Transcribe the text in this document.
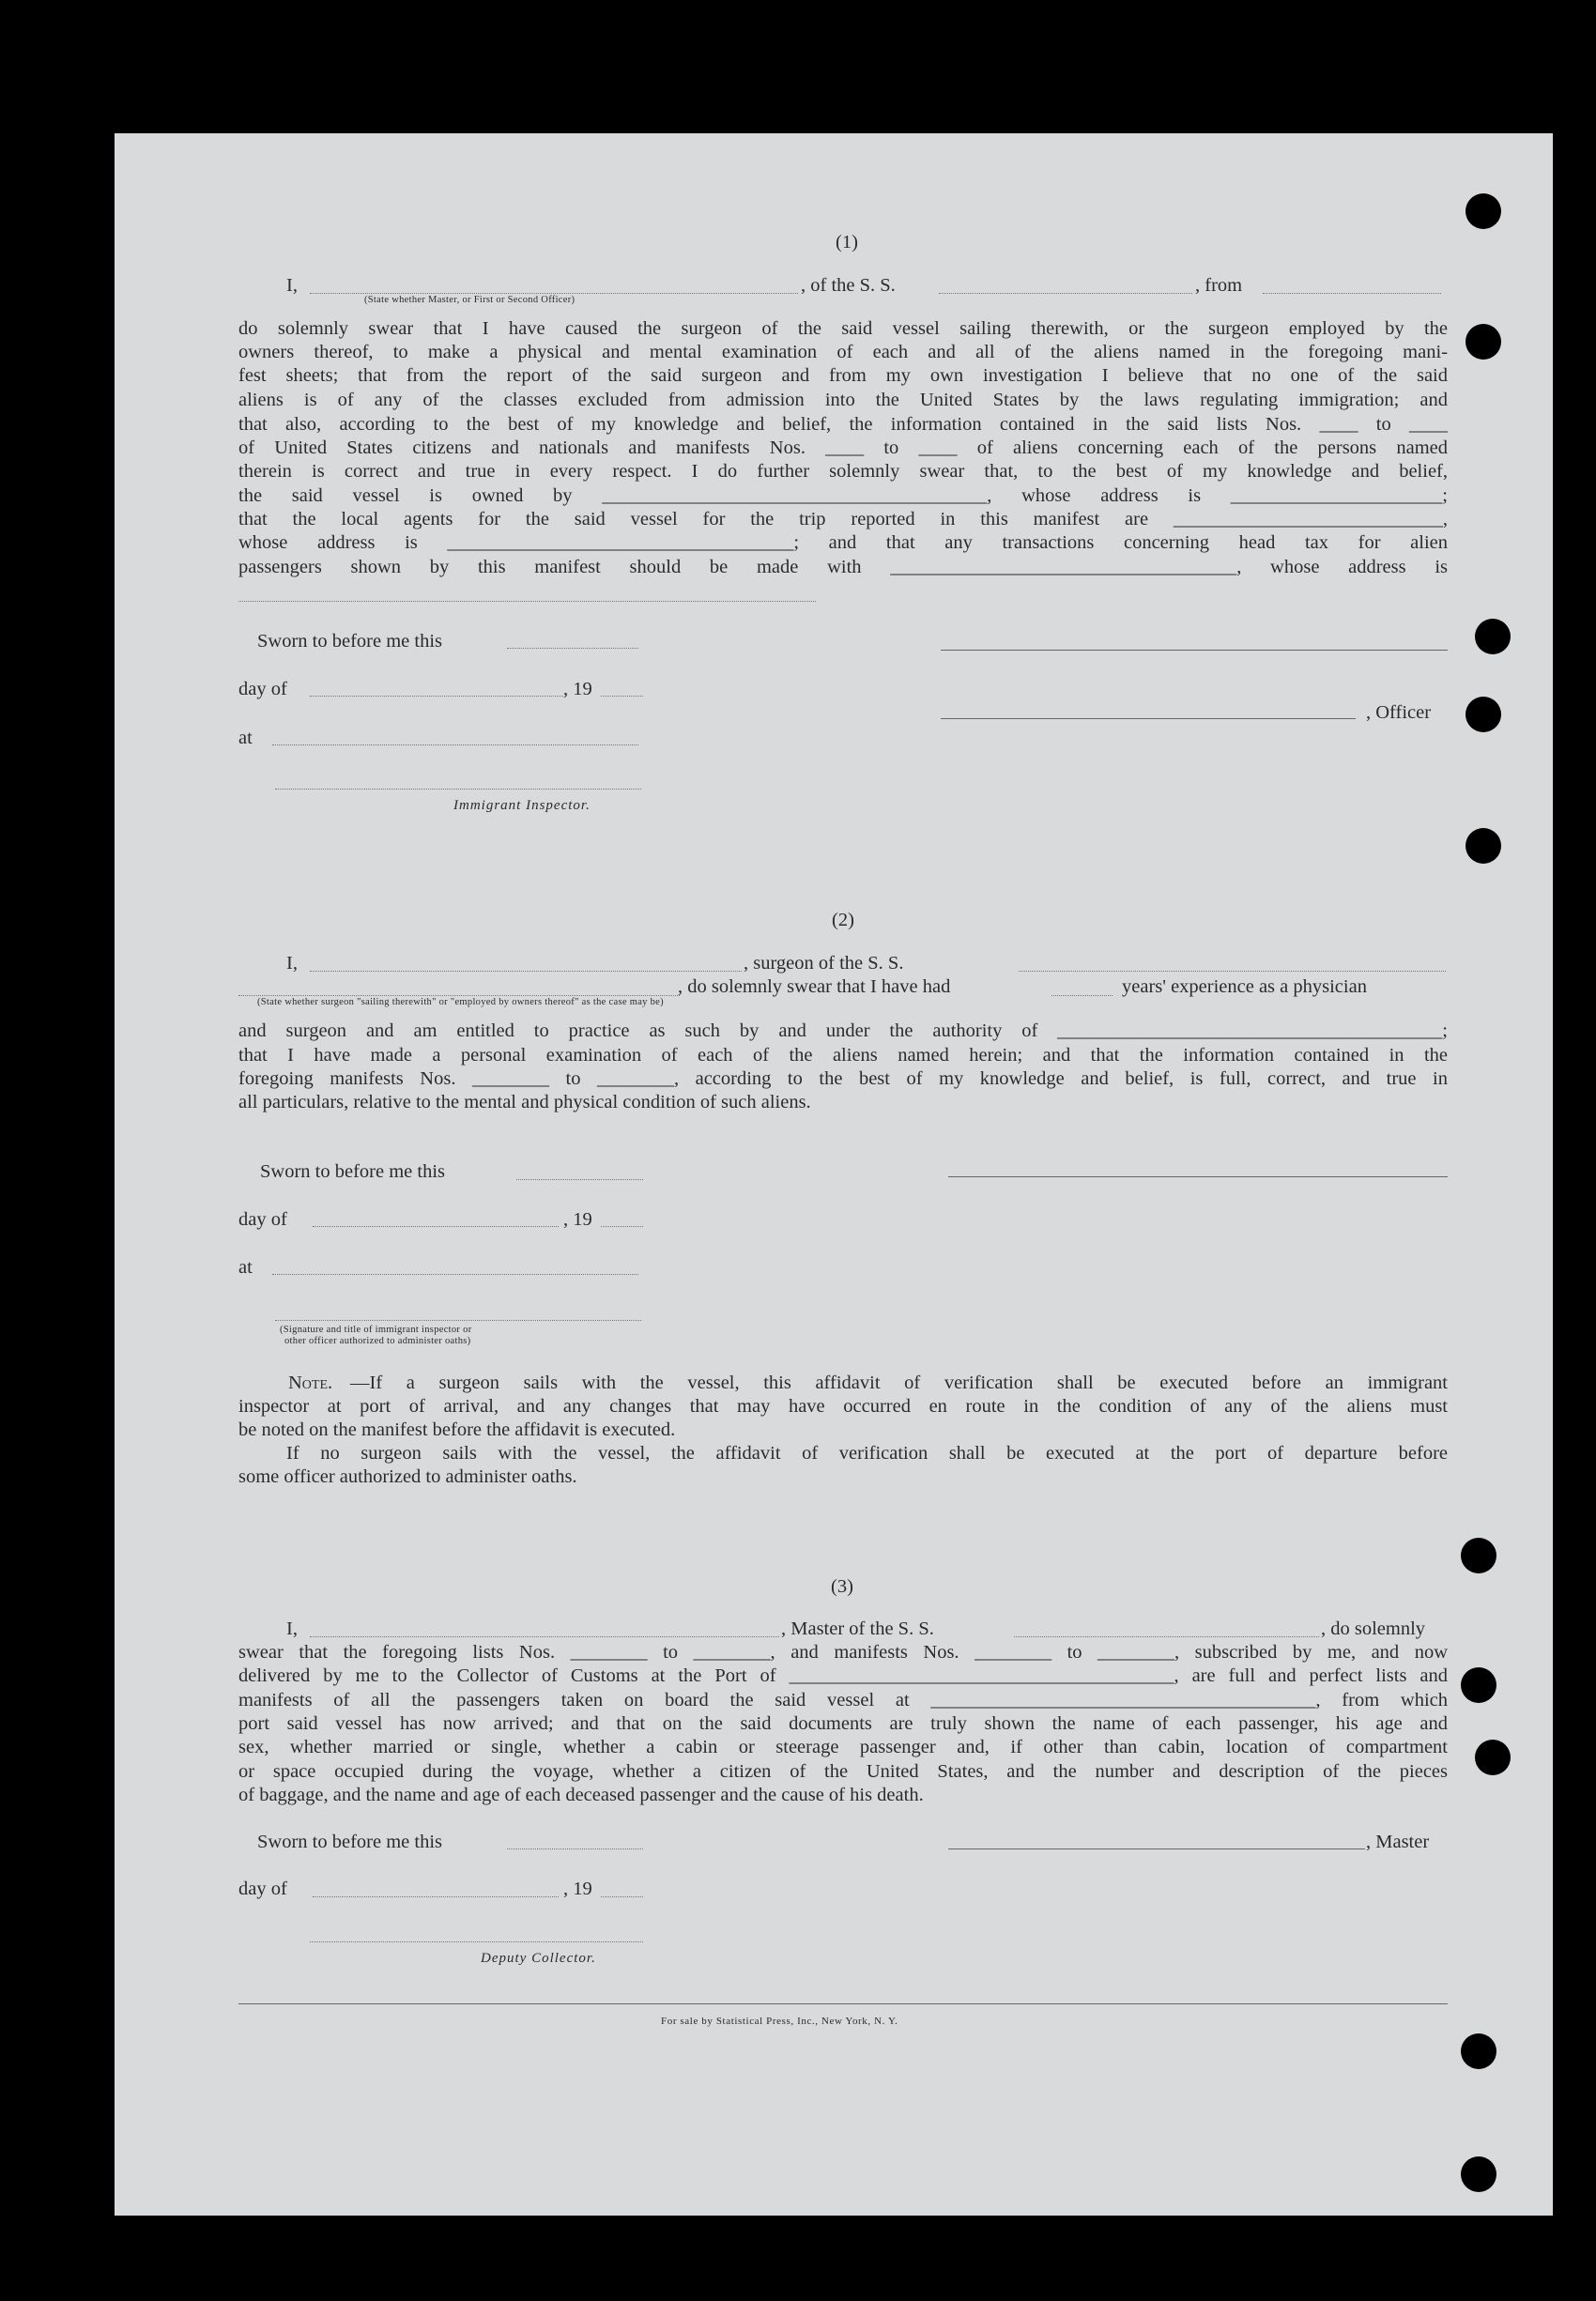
(1)
I,
(State whether Master, or First or Second Officer)
, of the S. S.	, from
do solemnly swear that I have caused the surgeon of the said vessel sailing therewith, or the surgeon employed by the
owners thereof, to make a physical and mental examination of each and all of the aliens named in the foregoing mani-
fest sheets; that from the report of the said surgeon and from my own investigation I believe that no one of the said
aliens is of any of the classes excluded from admission into the United States by the laws regulating immigration; and
that also, according to the best of my knowledge and belief, the information contained in the said lists Nos. ____ to ____
of United States citizens and nationals and manifests Nos. ____ to ____ of aliens concerning each of the persons named
therein is correct and true in every respect. I do further solemnly swear that, to the best of my knowledge and belief,
the said vessel is owned by ________________________________________, whose address is ______________________;
that the local agents for the said vessel for the trip reported in this manifest are ____________________________,
whose address is ____________________________________; and that any transactions concerning head tax for alien
passengers shown by this manifest should be made with ____________________________________, whose address is
Sworn to before me this
day of	, 19
at
, Officer
Immigrant Inspector.
(2)
I,	, surgeon of the S. S.
, do solemnly swear that I have had	years' experience as a physician
(State whether surgeon "sailing therewith" or "employed by owners thereof" as the case may be)
and surgeon and am entitled to practice as such by and under the authority of ________________________________________;
that I have made a personal examination of each of the aliens named herein; and that the information contained in the
foregoing manifests Nos. ________ to ________, according to the best of my knowledge and belief, is full, correct, and true in
all particulars, relative to the mental and physical condition of such aliens.
Sworn to before me this
day of	, 19
at
(Signature and title of immigrant inspector or
other officer authorized to administer oaths)
Note. —If a surgeon sails with the vessel, this affidavit of verification shall be executed before an immigrant
inspector at port of arrival, and any changes that may have occurred en route in the condition of any of the aliens must
be noted on the manifest before the affidavit is executed.
If no surgeon sails with the vessel, the affidavit of verification shall be executed at the port of departure before
some officer authorized to administer oaths.
(3)
I,	, Master of the S. S.	, do solemnly
swear that the foregoing lists Nos. ________ to ________, and manifests Nos. ________ to ________, subscribed by me, and now
delivered by me to the Collector of Customs at the Port of ________________________________________, are full and perfect lists and
manifests of all the passengers taken on board the said vessel at ________________________________________, from which
port said vessel has now arrived; and that on the said documents are truly shown the name of each passenger, his age and
sex, whether married or single, whether a cabin or steerage passenger and, if other than cabin, location of compartment
or space occupied during the voyage, whether a citizen of the United States, and the number and description of the pieces
of baggage, and the name and age of each deceased passenger and the cause of his death.
Sworn to before me this	, Master
day of	, 19
Deputy Collector.
For sale by Statistical Press, Inc., New York, N. Y.
